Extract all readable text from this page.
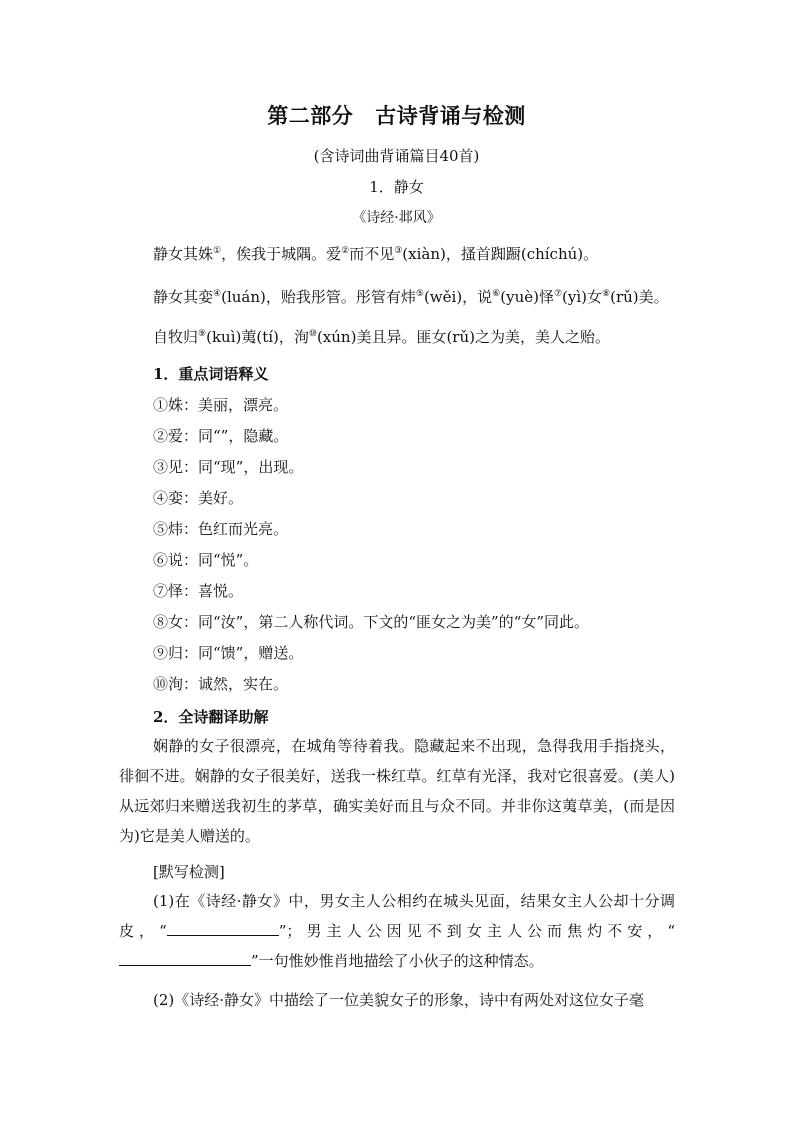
第二部分 古诗背诵与检测
(含诗词曲背诵篇目40首)
1．静女
《诗经·邶风》
静女其姝①，俟我于城隅。爱②而不见③(xiàn)，搔首踟蹰(chíchú)。
静女其娈④(luán)，贻我彤管。彤管有炜⑤(wěi)，说⑥(yuè)怿⑦(yì)女⑧(rǔ)美。
自牧归⑨(kuì)荑(tí)，洵⑩(xún)美且异。匪女(rǔ)之为美，美人之贻。
1．重点词语释义
①姝：美丽，漂亮。
②爱：同“”，隐藏。
③见：同“现”，出现。
④娈：美好。
⑤炜：色红而光亮。
⑥说：同“悦”。
⑦怿：喜悦。
⑧女：同“汝”，第二人称代词。下文的“匪女之为美”的“女”同此。
⑨归：同“馈”，赠送。
⑩洵：诚然，实在。
2．全诗翻译助解
娴静的女子很漂亮，在城角等待着我。隐藏起来不出现，急得我用手指挠头，徘徊不进。娴静的女子很美好，送我一株红草。红草有光泽，我对它很喜爱。(美人)从远郊归来赠送我初生的茅草，确实美好而且与众不同。并非你这荑草美，(而是因为)它是美人赠送的。
[默写检测]
(1)在《诗经·静女》中，男女主人公相约在城头见面，结果女主人公却十分调皮，“	”；男主人公因见不到女主人公而焦灼不安，“”一句惟妙惟肖地描绘了小伙子的这种情态。
(2)《诗经·静女》中描绘了一位美貌女子的形象，诗中有两处对这位女子毫
